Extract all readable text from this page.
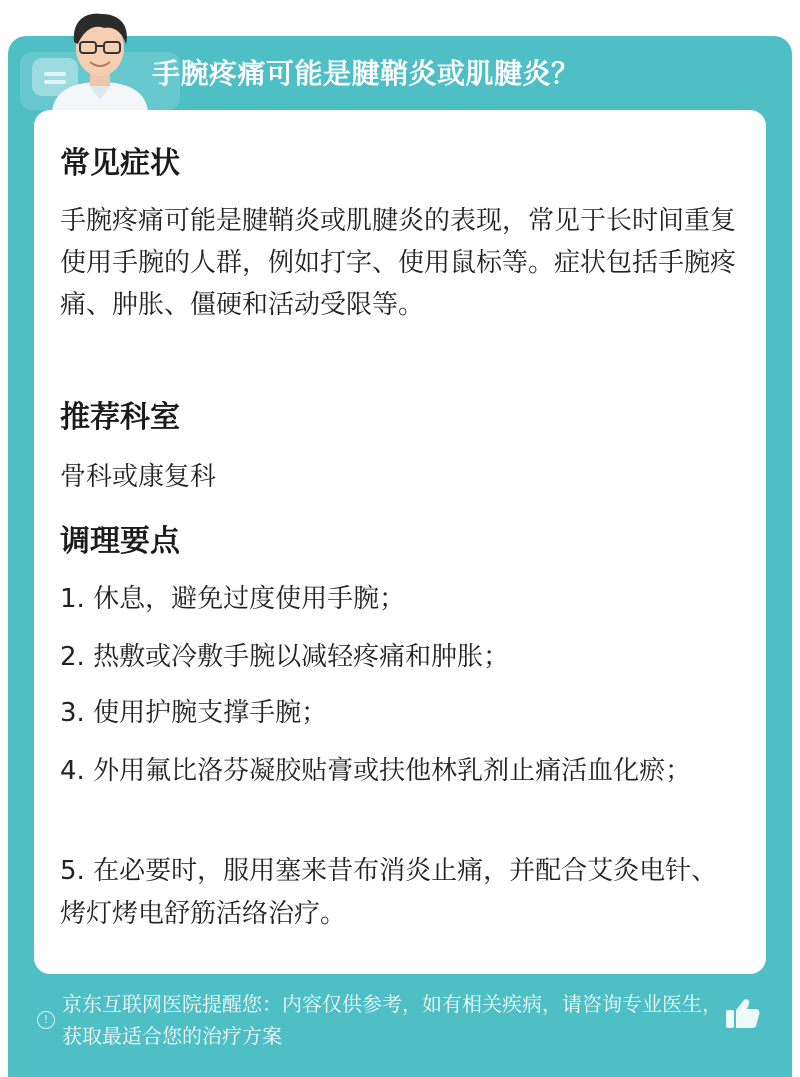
手腕疼痛可能是腱鞘炎或肌腱炎？
常见症状
手腕疼痛可能是腱鞘炎或肌腱炎的表现，常见于长时间重复使用手腕的人群，例如打字、使用鼠标等。症状包括手腕疼痛、肿胀、僵硬和活动受限等。
推荐科室
骨科或康复科
调理要点
1. 休息，避免过度使用手腕；
2. 热敷或冷敷手腕以减轻疼痛和肿胀；
3. 使用护腕支撑手腕；
4. 外用氟比洛芬凝胶贴膏或扶他林乳剂止痛活血化瘀；
5. 在必要时，服用塞来昔布消炎止痛，并配合艾灸电针、烤灯烤电舒筋活络治疗。
!
京东互联网医院提醒您：内容仅供参考，如有相关疾病，请咨询专业医生，获取最适合您的治疗方案
